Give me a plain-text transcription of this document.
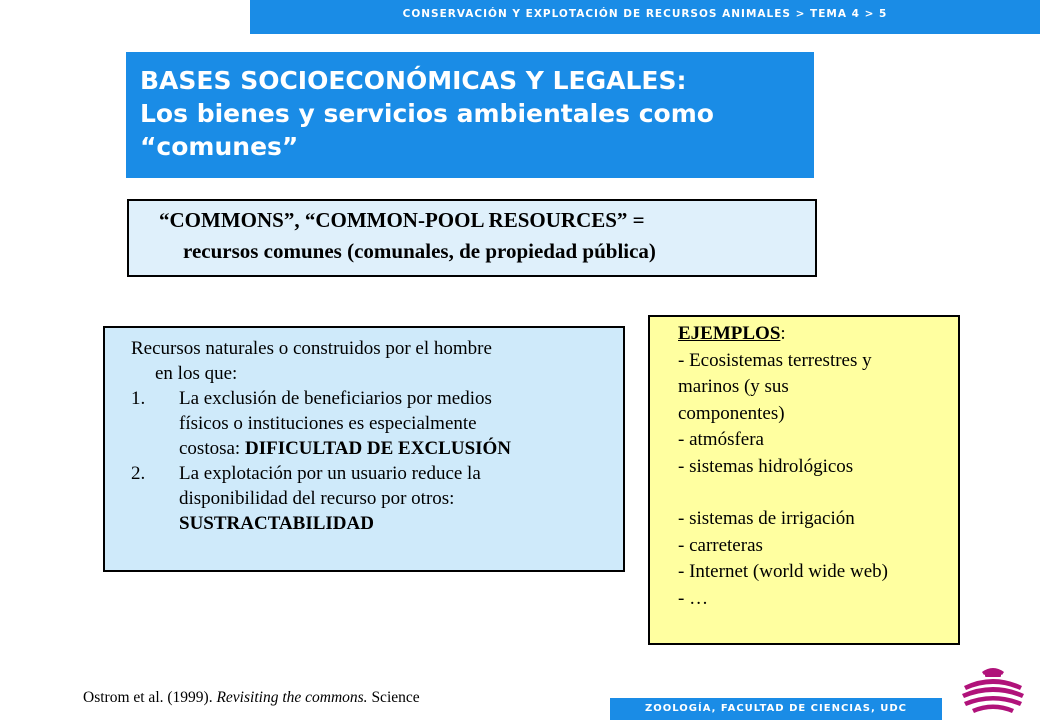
CONSERVACIÓN Y EXPLOTACIÓN DE RECURSOS ANIMALES > TEMA 4 > 5
BASES SOCIOECONÓMICAS Y LEGALES:
Los bienes y servicios ambientales como
“comunes”
“COMMONS”, “COMMON-POOL RESOURCES” =
recursos comunes (comunales, de propiedad pública)
Recursos naturales o construidos por el hombre
en los que:
1.	La exclusión de beneficiarios por medios
físicos o instituciones es especialmente
costosa: DIFICULTAD DE EXCLUSIÓN
2.	La explotación por un usuario reduce la
disponibilidad del recurso por otros:
SUSTRACTABILIDAD
EJEMPLOS:
- Ecosistemas terrestres y
marinos (y sus
componentes)
- atmósfera
- sistemas hidrológicos
- sistemas de irrigación
- carreteras
- Internet (world wide web)
- …
Ostrom et al. (1999). Revisiting the commons. Science
ZOOLOGÍA, FACULTAD DE CIENCIAS, UDC
